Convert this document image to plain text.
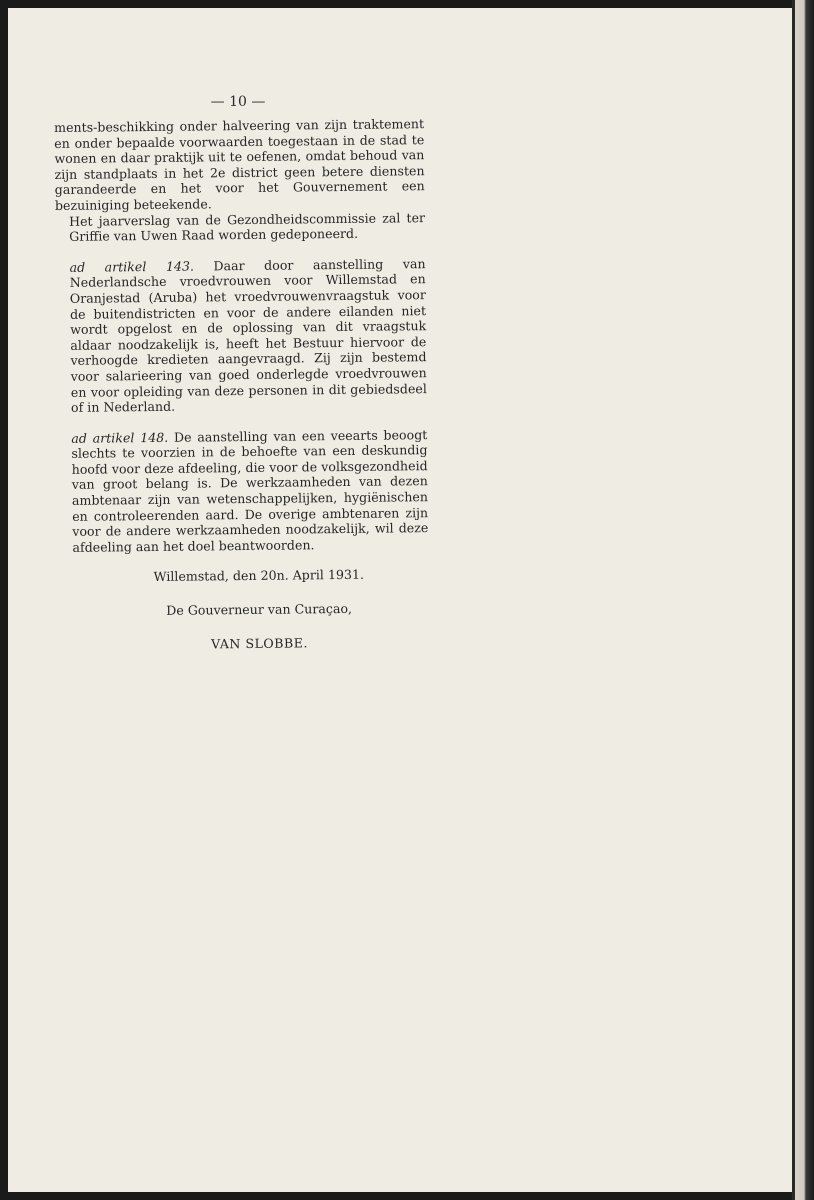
— 10 —

ments-beschikking onder halveering van zijn traktement en onder bepaalde voorwaarden toegestaan in de stad te wonen en daar praktijk uit te oefenen, omdat behoud van zijn standplaats in het 2e district geen betere diensten garandeerde en het voor het Gouvernement een bezuiniging beteekende.
Het jaarverslag van de Gezondheidscommissie zal ter Griffie van Uwen Raad worden gedeponeerd.

ad artikel 143. Daar door aanstelling van Nederlandsche vroedvrouwen voor Willemstad en Oranjestad (Aruba) het vroedvrouwenvraagstuk voor de buitendistricten en voor de andere eilanden niet wordt opgelost en de oplossing van dit vraagstuk aldaar noodzakelijk is, heeft het Bestuur hiervoor de verhoogde kredieten aangevraagd. Zij zijn bestemd voor salarieering van goed onderlegde vroedvrouwen en voor opleiding van deze personen in dit gebiedsdeel of in Nederland.

ad artikel 148. De aanstelling van een veearts beoogt slechts te voorzien in de behoefte van een deskundig hoofd voor deze afdeeling, die voor de volksgezondheid van groot belang is. De werkzaamheden van dezen ambtenaar zijn van wetenschappelijken, hygiënischen en controleerenden aard. De overige ambtenaren zijn voor de andere werkzaamheden noodzakelijk, wil deze afdeeling aan het doel beantwoorden.

Willemstad, den 20n. April 1931.

De Gouverneur van Curaçao,

VAN SLOBBE.
